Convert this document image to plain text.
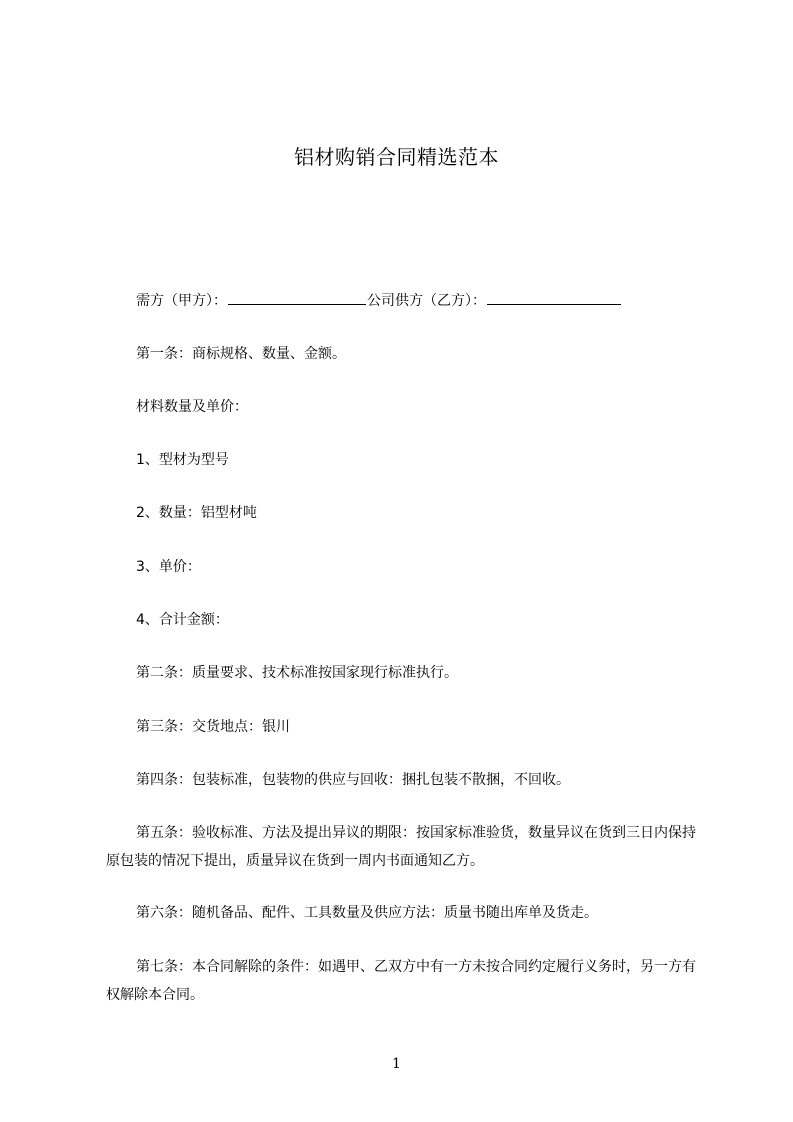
铝材购销合同精选范本
需方（甲方）：	公司供方（乙方）：
第一条：商标规格、数量、金额。
材料数量及单价：
1、型材为型号
2、数量：铝型材吨
3、单价：
4、合计金额：
第二条：质量要求、技术标准按国家现行标准执行。
第三条：交货地点：银川
第四条：包装标准，包装物的供应与回收：捆扎包装不散捆，不回收。
第五条：验收标准、方法及提出异议的期限：按国家标准验货，数量异议在货到三日内保持原包装的情况下提出，质量异议在货到一周内书面通知乙方。
第六条：随机备品、配件、工具数量及供应方法：质量书随出库单及货走。
第七条：本合同解除的条件：如遇甲、乙双方中有一方未按合同约定履行义务时，另一方有权解除本合同。
1
